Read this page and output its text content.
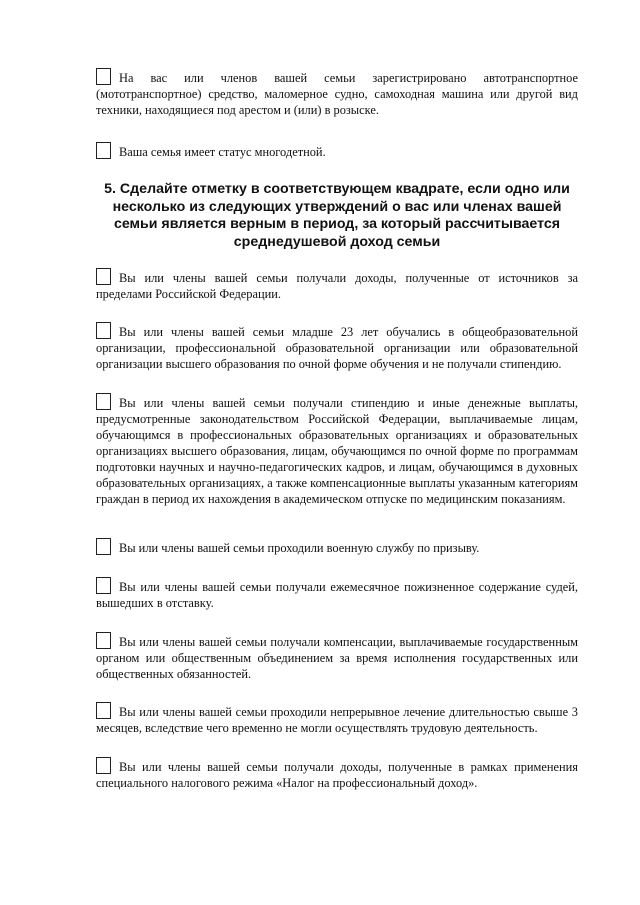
На вас или членов вашей семьи зарегистрировано автотранспортное (мототранспортное) средство, маломерное судно, самоходная машина или другой вид техники, находящиеся под арестом и (или) в розыске.
Ваша семья имеет статус многодетной.
5. Сделайте отметку в соответствующем квадрате, если одно или несколько из следующих утверждений о вас или членах вашей семьи является верным в период, за который рассчитывается среднедушевой доход семьи
Вы или члены вашей семьи получали доходы, полученные от источников за пределами Российской Федерации.
Вы или члены вашей семьи младше 23 лет обучались в общеобразовательной организации, профессиональной образовательной организации или образовательной организации высшего образования по очной форме обучения и не получали стипендию.
Вы или члены вашей семьи получали стипендию и иные денежные выплаты, предусмотренные законодательством Российской Федерации, выплачиваемые лицам, обучающимся в профессиональных образовательных организациях и образовательных организациях высшего образования, лицам, обучающимся по очной форме по программам подготовки научных и научно-педагогических кадров, и лицам, обучающимся в духовных образовательных организациях, а также компенсационные выплаты указанным категориям граждан в период их нахождения в академическом отпуске по медицинским показаниям.
Вы или члены вашей семьи проходили военную службу по призыву.
Вы или члены вашей семьи получали ежемесячное пожизненное содержание судей, вышедших в отставку.
Вы или члены вашей семьи получали компенсации, выплачиваемые государственным органом или общественным объединением за время исполнения государственных или общественных обязанностей.
Вы или члены вашей семьи проходили непрерывное лечение длительностью свыше 3 месяцев, вследствие чего временно не могли осуществлять трудовую деятельность.
Вы или члены вашей семьи получали доходы, полученные в рамках применения специального налогового режима «Налог на профессиональный доход».
